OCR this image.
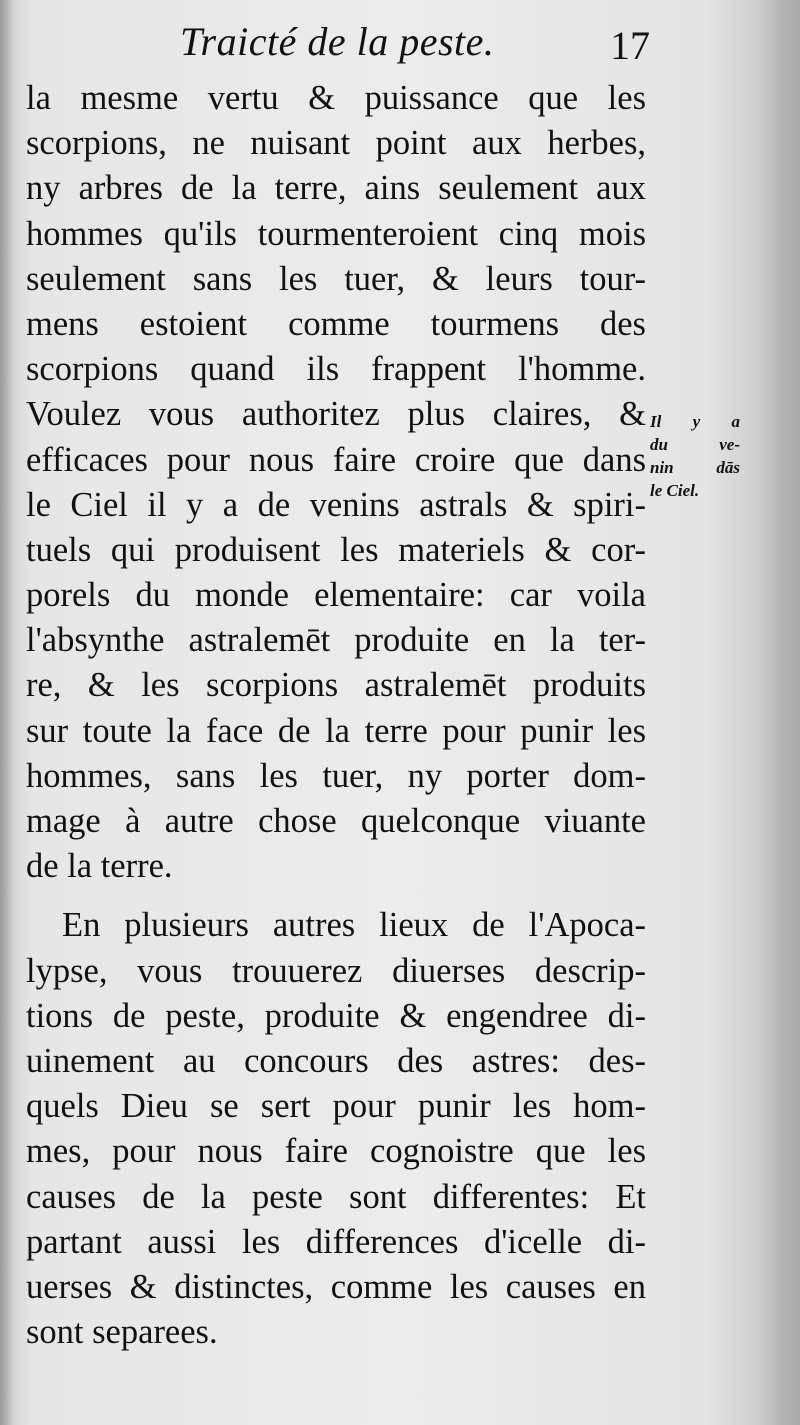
Traicté de la peste.	17
la mesme vertu & puissance que les
scorpions, ne nuisant point aux herbes,
ny arbres de la terre, ains seulement aux
hommes qu'ils tourmenteroient cinq mois
seulement sans les tuer, & leurs tour-
mens estoient comme tourmens des
scorpions quand ils frappent l'homme.
Voulez vous authoritez plus claires, &
efficaces pour nous faire croire que dans
le Ciel il y a de venins astrals & spiri-
tuels qui produisent les materiels & cor-
porels du monde elementaire: car voila
l'absynthe astralemēt produite en la ter-
re, & les scorpions astralemēt produits
sur toute la face de la terre pour punir les
hommes, sans les tuer, ny porter dom-
mage à autre chose quelconque viuante
de la terre.
En plusieurs autres lieux de l'Apoca-
lypse, vous trouuerez diuerses descrip-
tions de peste, produite & engendree di-
uinement au concours des astres: des-
quels Dieu se sert pour punir les hom-
mes, pour nous faire cognoistre que les
causes de la peste sont differentes: Et
partant aussi les differences d'icelle di-
uerses & distinctes, comme les causes en
sont separees.
Il y a
du ve-
nin dās
le Ciel.
